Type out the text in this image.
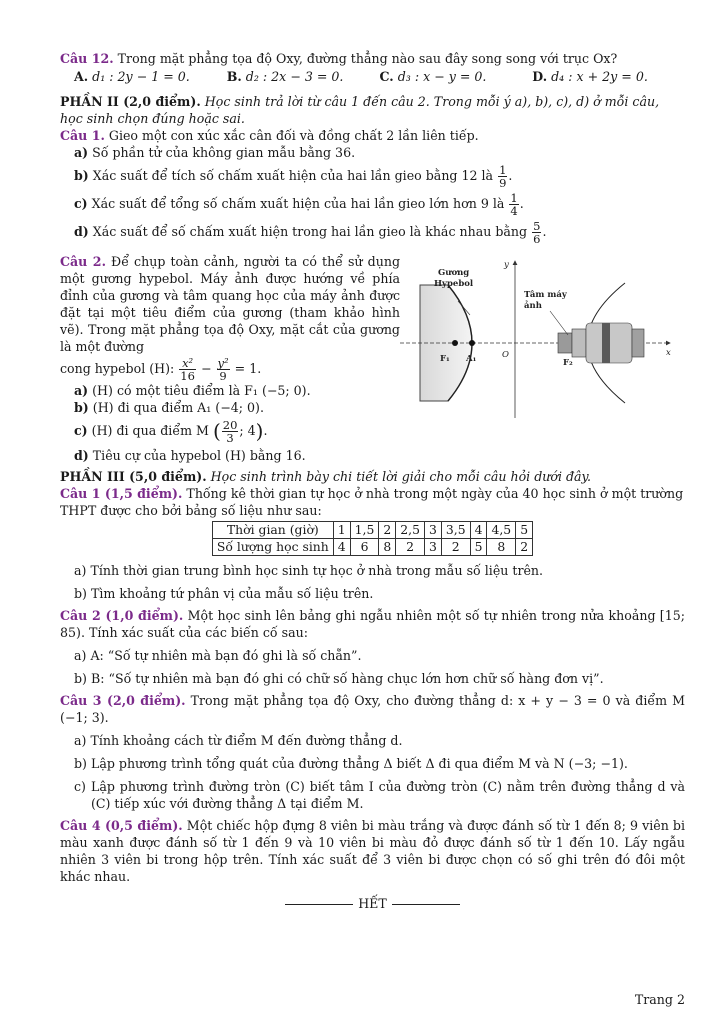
Câu 12. Trong mặt phẳng tọa độ Oxy, đường thẳng nào sau đây song song với trục Ox?

A. d₁ : 2y − 1 = 0.	B. d₂ : 2x − 3 = 0.	C. d₃ : x − y = 0.	D. d₄ : x + 2y = 0.

PHẦN II (2,0 điểm). Học sinh trả lời từ câu 1 đến câu 2. Trong mỗi ý a), b), c), d) ở mỗi câu, học sinh chọn đúng hoặc sai.

Câu 1. Gieo một con xúc xắc cân đối và đồng chất 2 lần liên tiếp.

a) Số phần tử của không gian mẫu bằng 36.
b) Xác suất để tích số chấm xuất hiện của hai lần gieo bằng 12 là $\frac{1}{9}$ .
c) Xác suất để tổng số chấm xuất hiện của hai lần gieo lớn hơn 9 là $\frac{1}{4}$ .
d) Xác suất để số chấm xuất hiện trong hai lần gieo là khác nhau bằng $\frac{5}{6}$ .

Câu 2. Để chụp toàn cảnh, người ta có thể sử dụng một gương hypebol. Máy ảnh được hướng về phía đỉnh của gương và tâm quang học của máy ảnh được đặt tại một tiêu điểm của gương (tham khảo hình vẽ). Trong mặt phẳng tọa độ Oxy, mặt cắt của gương là một đường

cong hypebol (H): $\frac{\text{x²}}{16} - \frac{\text{y²}}{9} = 1$.
a) (H) có một tiêu điểm là F₁ (−5; 0).
b) (H) đi qua điểm A₁ (−4; 0).
c) (H) đi qua điểm M ( $\frac{20}{3}$ ; 4).
d) Tiêu cự của hypebol (H) bằng 16.
Gương
Hypebol
Tâm máy
ảnh
F₁ A₁	O
F₂
x
y

PHẦN III (5,0 điểm). Học sinh trình bày chi tiết lời giải cho mỗi câu hỏi dưới đây.

Câu 1 (1,5 điểm). Thống kê thời gian tự học ở nhà trong một ngày của 40 học sinh ở một trường THPT được cho bởi bảng số liệu như sau:

Thời gian (giờ)	1	1,5	2	2,5	3	3,5	4	4,5	5
Số lượng học sinh	4	6	8	2	3	2	5	8	2
a) Tính thời gian trung bình học sinh tự học ở nhà trong mẫu số liệu trên.
b) Tìm khoảng tứ phân vị của mẫu số liệu trên.

Câu 2 (1,0 điểm). Một học sinh lên bảng ghi ngẫu nhiên một số tự nhiên trong nửa khoảng [15; 85). Tính xác suất của các biến cố sau:

a) A: “Số tự nhiên mà bạn đó ghi là số chẵn”.
b) B: “Số tự nhiên mà bạn đó ghi có chữ số hàng chục lớn hơn chữ số hàng đơn vị”.

Câu 3 (2,0 điểm). Trong mặt phẳng tọa độ Oxy, cho đường thẳng d: x + y − 3 = 0 và điểm M (−1; 3).

a) Tính khoảng cách từ điểm M đến đường thẳng d.
b) Lập phương trình tổng quát của đường thẳng Δ biết Δ đi qua điểm M và N (−3; −1).
c) Lập phương trình đường tròn (C) biết tâm I của đường tròn (C) nằm trên đường thẳng d và (C) tiếp xúc với đường thẳng Δ tại điểm M.

Câu 4 (0,5 điểm). Một chiếc hộp đựng 8 viên bi màu trắng và được đánh số từ 1 đến 8; 9 viên bi màu xanh được đánh số từ 1 đến 9 và 10 viên bi màu đỏ được đánh số từ 1 đến 10. Lấy ngẫu nhiên 3 viên bi trong hộp trên. Tính xác suất để 3 viên bi được chọn có số ghi trên đó đôi một khác nhau.

HẾT
Trang 2
